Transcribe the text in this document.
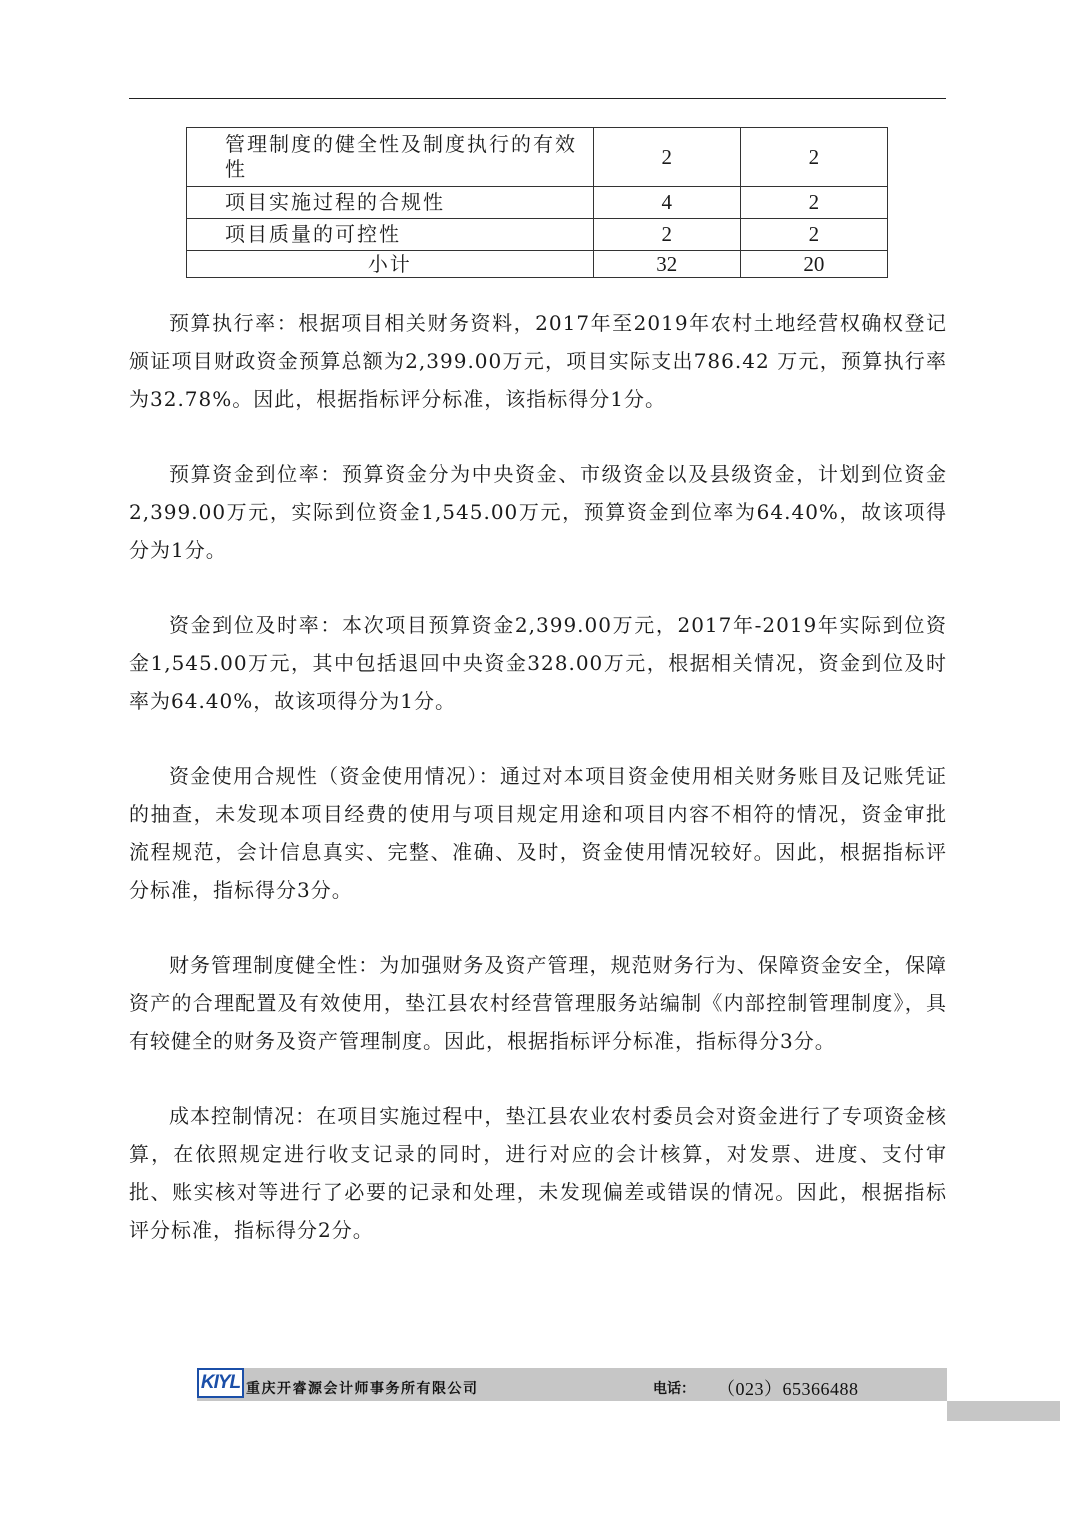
管理制度的健全性及制度执行的有效性	2	2
项目实施过程的合规性	4	2
项目质量的可控性	2	2
小计	32	20

预算执行率：根据项目相关财务资料，2017年至2019年农村土地经营权确权登记颁证项目财政资金预算总额为2,399.00万元，项目实际支出786.42 万元，预算执行率为32.78%。因此，根据指标评分标准，该指标得分1分。

预算资金到位率：预算资金分为中央资金、市级资金以及县级资金，计划到位资金2,399.00万元，实际到位资金1,545.00万元，预算资金到位率为64.40%，故该项得分为1分。

资金到位及时率：本次项目预算资金2,399.00万元，2017年-2019年实际到位资金1,545.00万元，其中包括退回中央资金328.00万元，根据相关情况，资金到位及时率为64.40%，故该项得分为1分。

资金使用合规性（资金使用情况）：通过对本项目资金使用相关财务账目及记账凭证的抽查，未发现本项目经费的使用与项目规定用途和项目内容不相符的情况，资金审批流程规范，会计信息真实、完整、准确、及时，资金使用情况较好。因此，根据指标评分标准，指标得分3分。

财务管理制度健全性：为加强财务及资产管理，规范财务行为、保障资金安全，保障资产的合理配置及有效使用，垫江县农村经营管理服务站编制《内部控制管理制度》，具有较健全的财务及资产管理制度。因此，根据指标评分标准，指标得分3分。

成本控制情况：在项目实施过程中，垫江县农业农村委员会对资金进行了专项资金核算，在依照规定进行收支记录的同时，进行对应的会计核算，对发票、进度、支付审批、账实核对等进行了必要的记录和处理，未发现偏差或错误的情况。因此，根据指标评分标准，指标得分2分。

KIYL 重庆开睿源会计师事务所有限公司	电话： （023）65366488
